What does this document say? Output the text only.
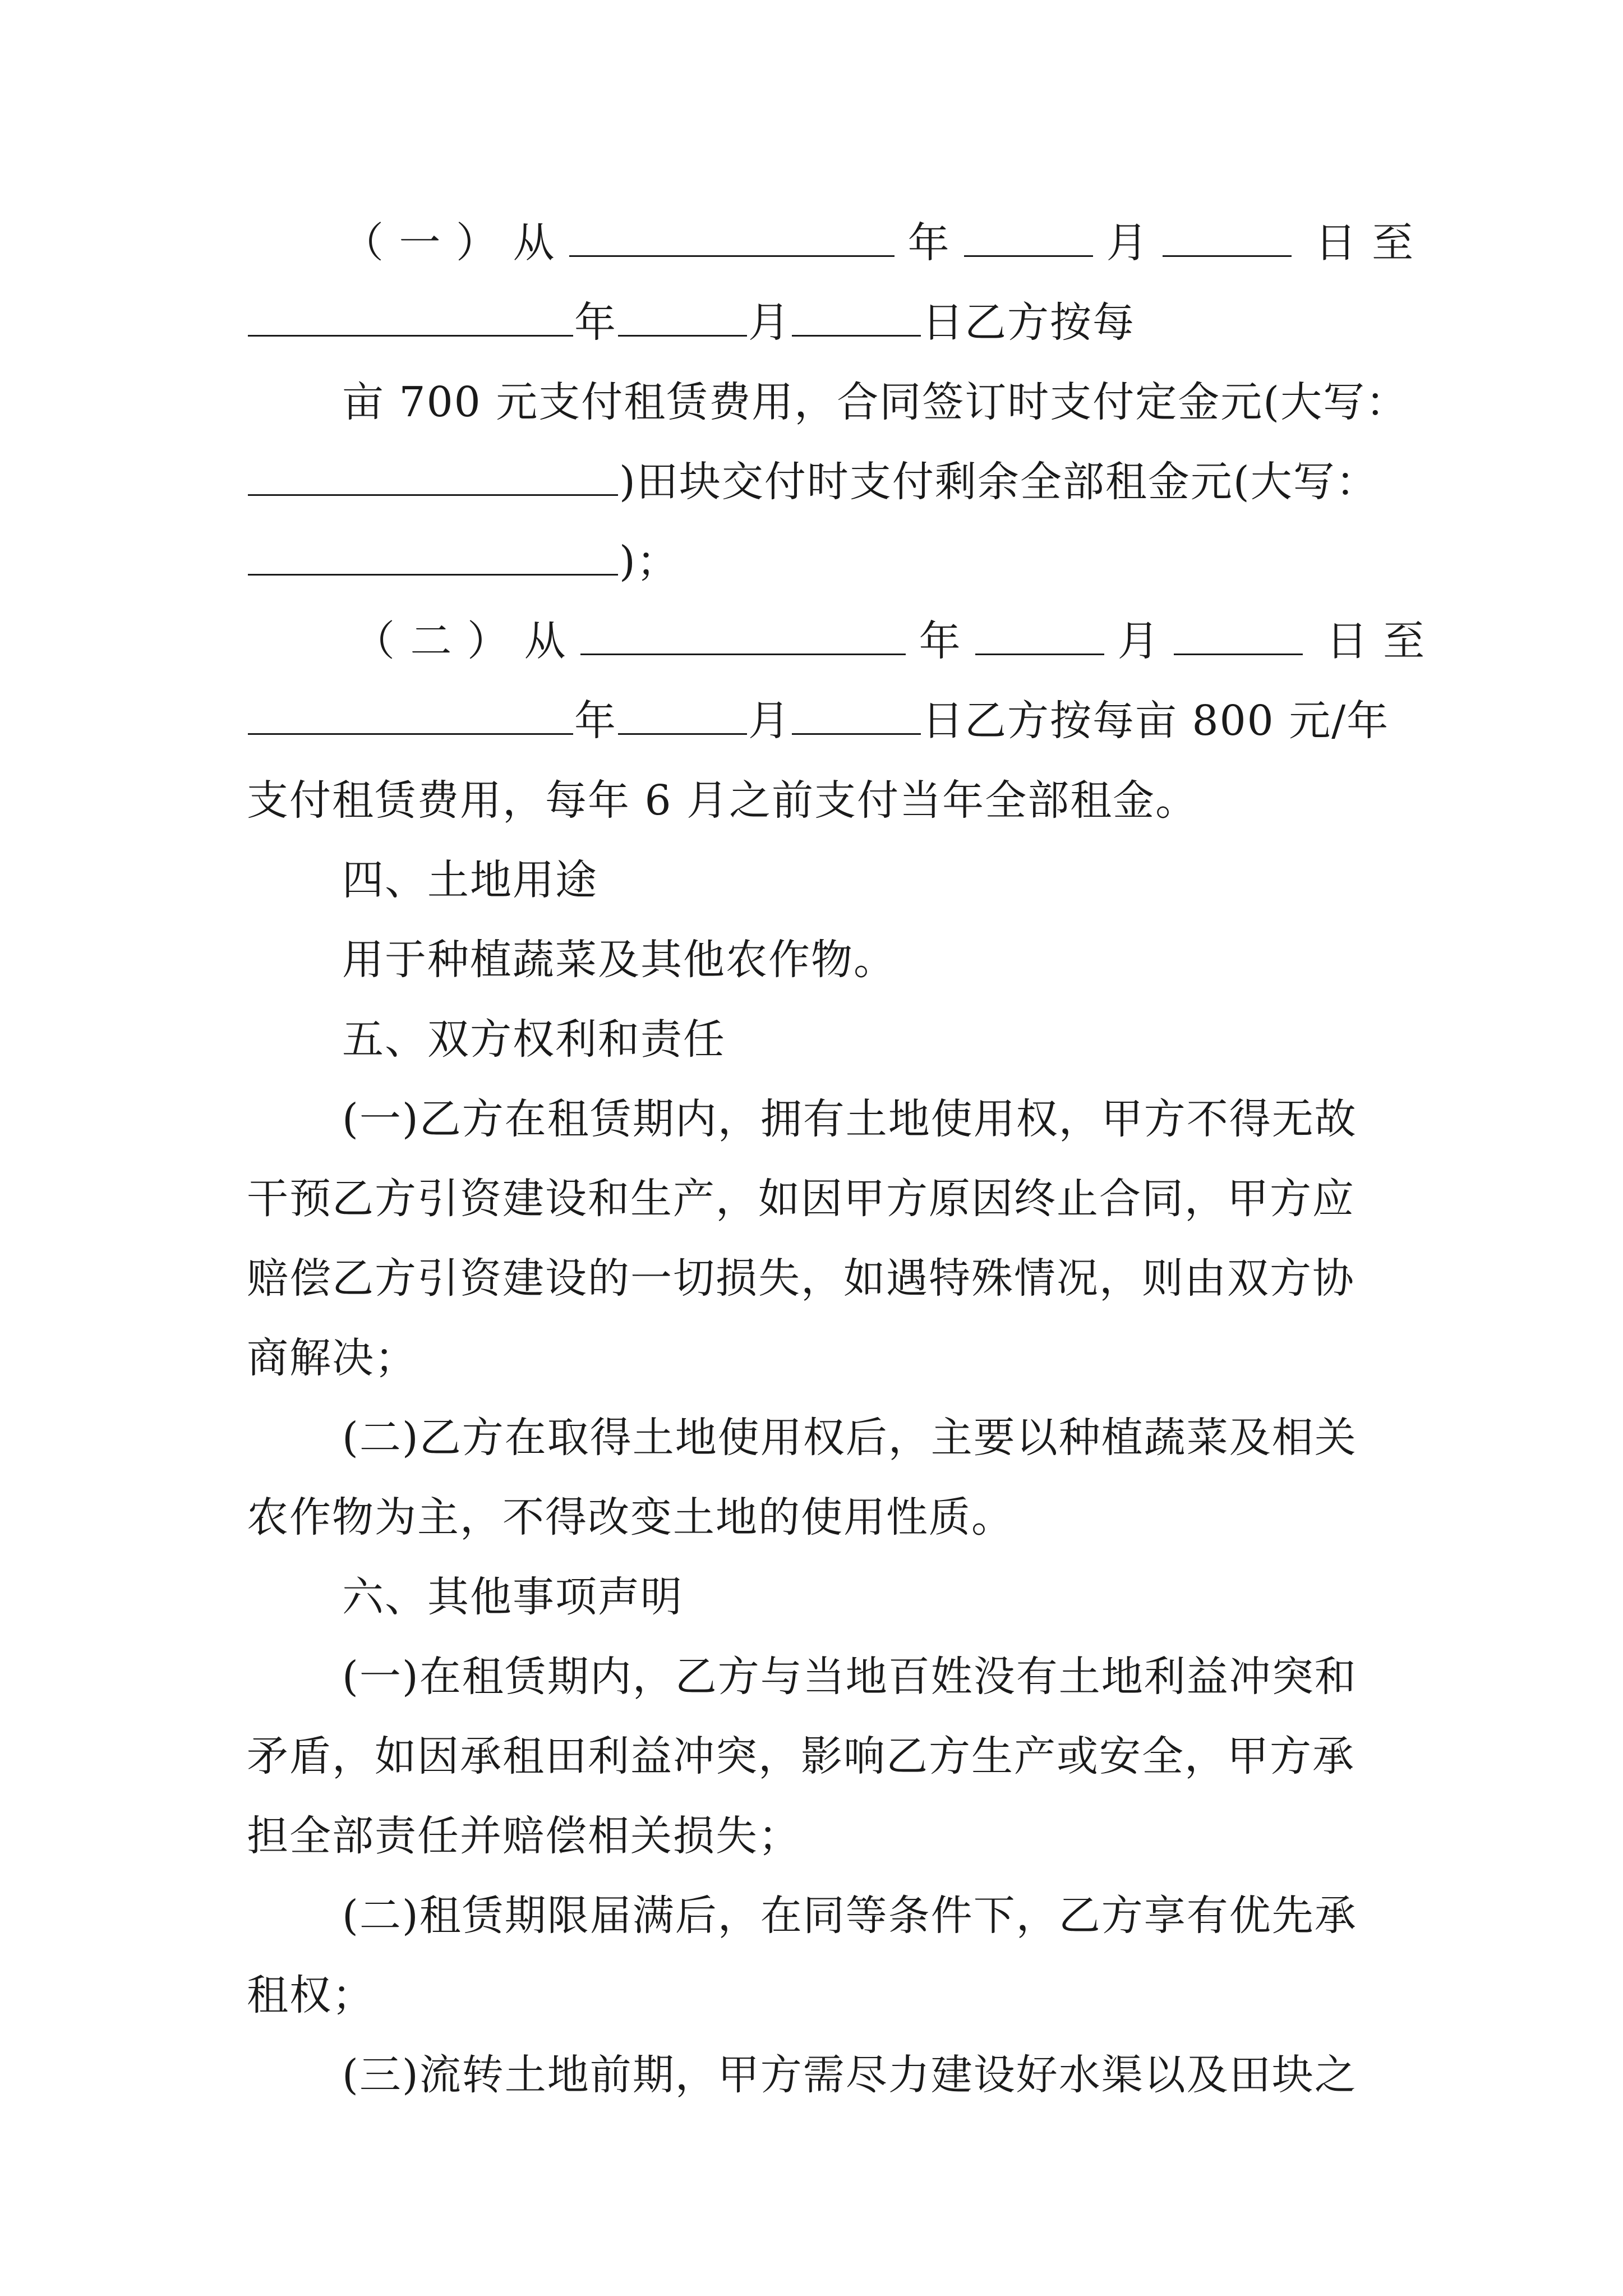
（ 一 ） 从	年	月	日 至
年	月	日乙方按每
亩 700 元支付租赁费用，合同签订时支付定金元(大写：
)田块交付时支付剩余全部租金元(大写：
)；
（ 二 ） 从	年	月	日 至
年	月	日乙方按每亩 800 元/年
支付租赁费用，每年 6 月之前支付当年全部租金。
四、土地用途
用于种植蔬菜及其他农作物。
五、双方权利和责任
(一)乙方在租赁期内，拥有土地使用权，甲方不得无故
干预乙方引资建设和生产，如因甲方原因终止合同，甲方应
赔偿乙方引资建设的一切损失，如遇特殊情况，则由双方协
商解决；
(二)乙方在取得土地使用权后，主要以种植蔬菜及相关
农作物为主，不得改变土地的使用性质。
六、其他事项声明
(一)在租赁期内，乙方与当地百姓没有土地利益冲突和
矛盾，如因承租田利益冲突，影响乙方生产或安全，甲方承
担全部责任并赔偿相关损失；
(二)租赁期限届满后，在同等条件下，乙方享有优先承
租权；
(三)流转土地前期，甲方需尽力建设好水渠以及田块之
